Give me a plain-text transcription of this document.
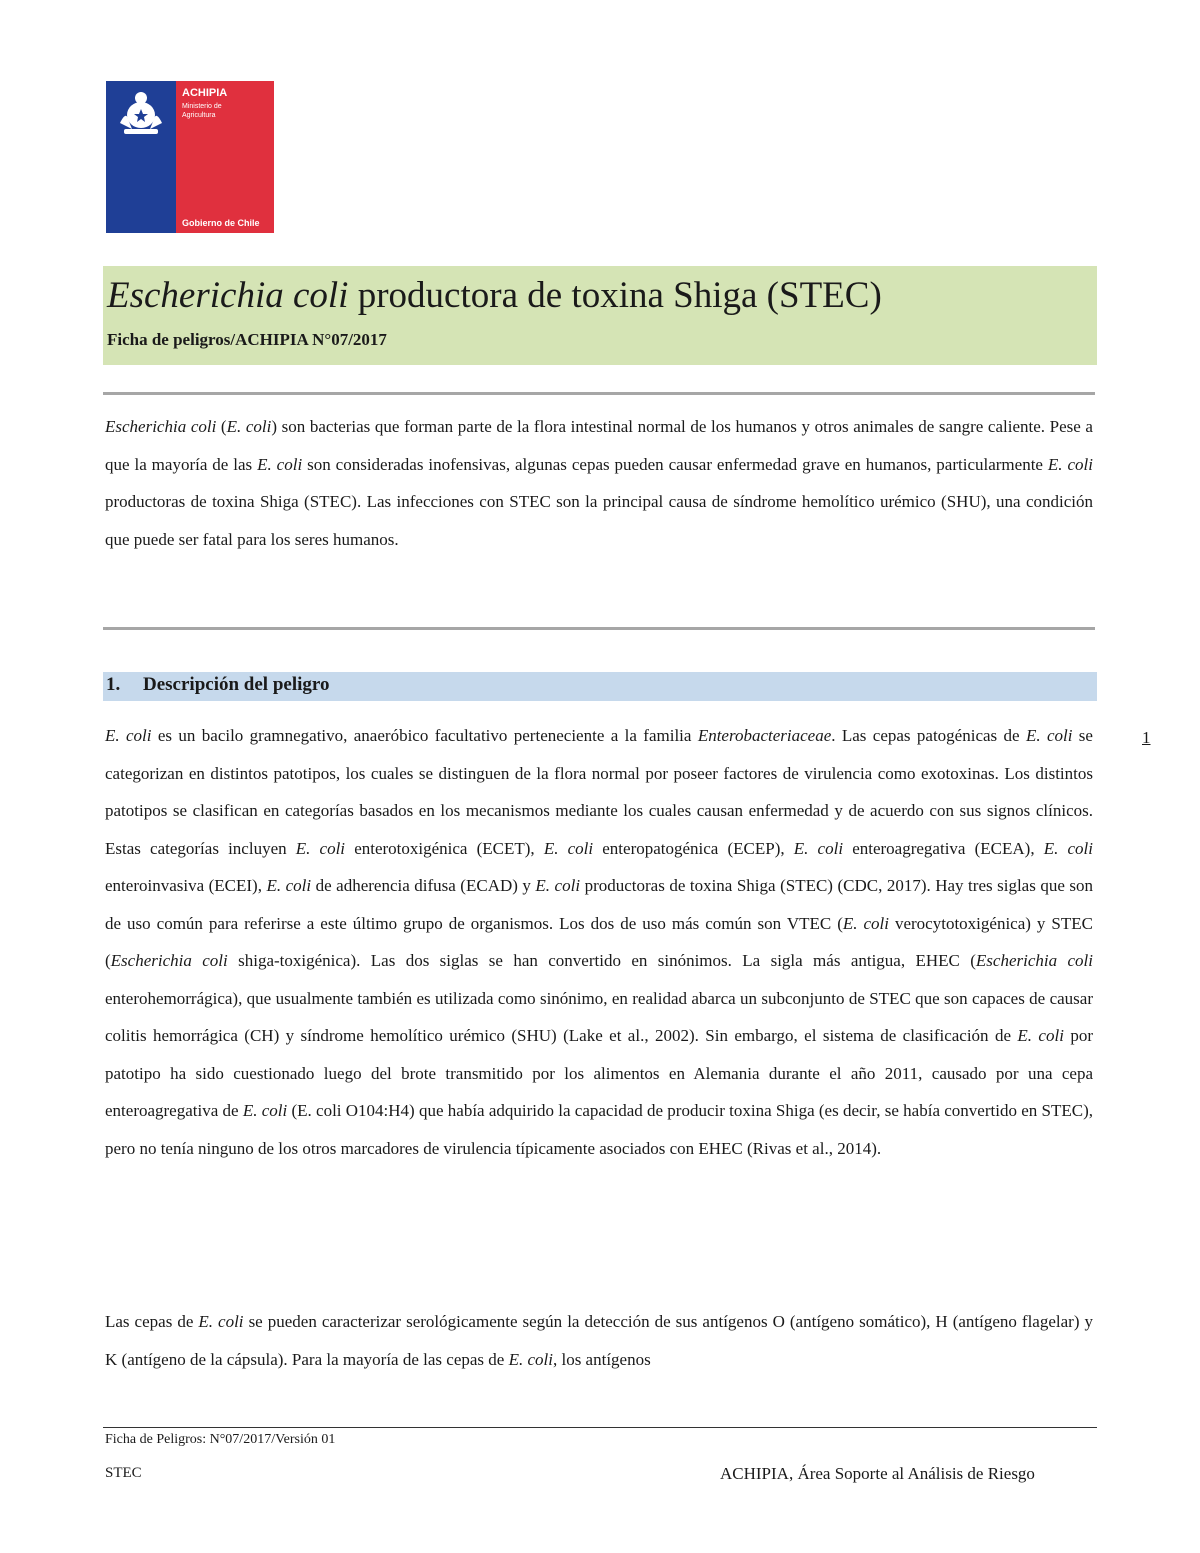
ACHIPIA
Ministerio de Agricultura
Gobierno de Chile
Escherichia coli productora de toxina Shiga (STEC)
Ficha de peligros/ACHIPIA N°07/2017

Escherichia coli (E. coli) son bacterias que forman parte de la flora intestinal normal de los humanos y otros animales de sangre caliente. Pese a que la mayoría de las E. coli son consideradas inofensivas, algunas cepas pueden causar enfermedad grave en humanos, particularmente E. coli productoras de toxina Shiga (STEC). Las infecciones con STEC son la principal causa de síndrome hemolítico urémico (SHU), una condición que puede ser fatal para los seres humanos.

1. Descripción del peligro
1

E. coli es un bacilo gramnegativo, anaeróbico facultativo perteneciente a la familia Enterobacteriaceae. Las cepas patogénicas de E. coli se categorizan en distintos patotipos, los cuales se distinguen de la flora normal por poseer factores de virulencia como exotoxinas. Los distintos patotipos se clasifican en categorías basados en los mecanismos mediante los cuales causan enfermedad y de acuerdo con sus signos clínicos. Estas categorías incluyen E. coli enterotoxigénica (ECET), E. coli enteropatogénica (ECEP), E. coli enteroagregativa (ECEA), E. coli enteroinvasiva (ECEI), E. coli de adherencia difusa (ECAD) y E. coli productoras de toxina Shiga (STEC) (CDC, 2017). Hay tres siglas que son de uso común para referirse a este último grupo de organismos. Los dos de uso más común son VTEC (E. coli verocytotoxigénica) y STEC (Escherichia coli shiga-toxigénica). Las dos siglas se han convertido en sinónimos. La sigla más antigua, EHEC (Escherichia coli enterohemorrágica), que usualmente también es utilizada como sinónimo, en realidad abarca un subconjunto de STEC que son capaces de causar colitis hemorrágica (CH) y síndrome hemolítico urémico (SHU) (Lake et al., 2002). Sin embargo, el sistema de clasificación de E. coli por patotipo ha sido cuestionado luego del brote transmitido por los alimentos en Alemania durante el año 2011, causado por una cepa enteroagregativa de E. coli (E. coli O104:H4) que había adquirido la capacidad de producir toxina Shiga (es decir, se había convertido en STEC), pero no tenía ninguno de los otros marcadores de virulencia típicamente asociados con EHEC (Rivas et al., 2014).

Las cepas de E. coli se pueden caracterizar serológicamente según la detección de sus antígenos O (antígeno somático), H (antígeno flagelar) y K (antígeno de la cápsula). Para la mayoría de las cepas de E. coli, los antígenos

Ficha de Peligros: N°07/2017/Versión 01
STEC	ACHIPIA, Área Soporte al Análisis de Riesgo
